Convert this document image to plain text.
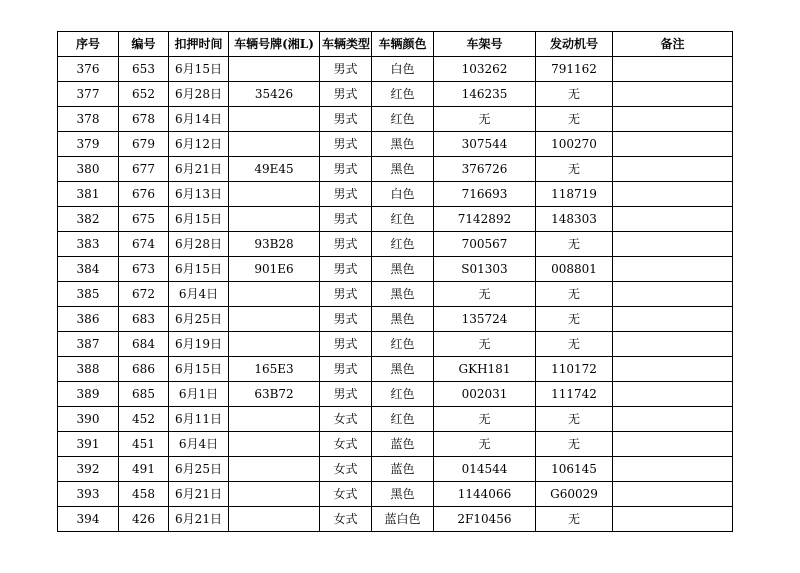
序号	编号	扣押时间	车辆号牌(湘L)	车辆类型	车辆颜色	车架号	发动机号	备注
376	653	6月15日		男式	白色	103262	791162	
377	652	6月28日	35426	男式	红色	146235	无	
378	678	6月14日		男式	红色	无	无	
379	679	6月12日		男式	黑色	307544	100270	
380	677	6月21日	49E45	男式	黑色	376726	无	
381	676	6月13日		男式	白色	716693	118719	
382	675	6月15日		男式	红色	7142892	148303	
383	674	6月28日	93B28	男式	红色	700567	无	
384	673	6月15日	901E6	男式	黑色	S01303	008801	
385	672	6月4日		男式	黑色	无	无	
386	683	6月25日		男式	黑色	135724	无	
387	684	6月19日		男式	红色	无	无	
388	686	6月15日	165E3	男式	黑色	GKH181	110172	
389	685	6月1日	63B72	男式	红色	002031	111742	
390	452	6月11日		女式	红色	无	无	
391	451	6月4日		女式	蓝色	无	无	
392	491	6月25日		女式	蓝色	014544	106145	
393	458	6月21日		女式	黑色	1144066	G60029	
394	426	6月21日		女式	蓝白色	2F10456	无	
